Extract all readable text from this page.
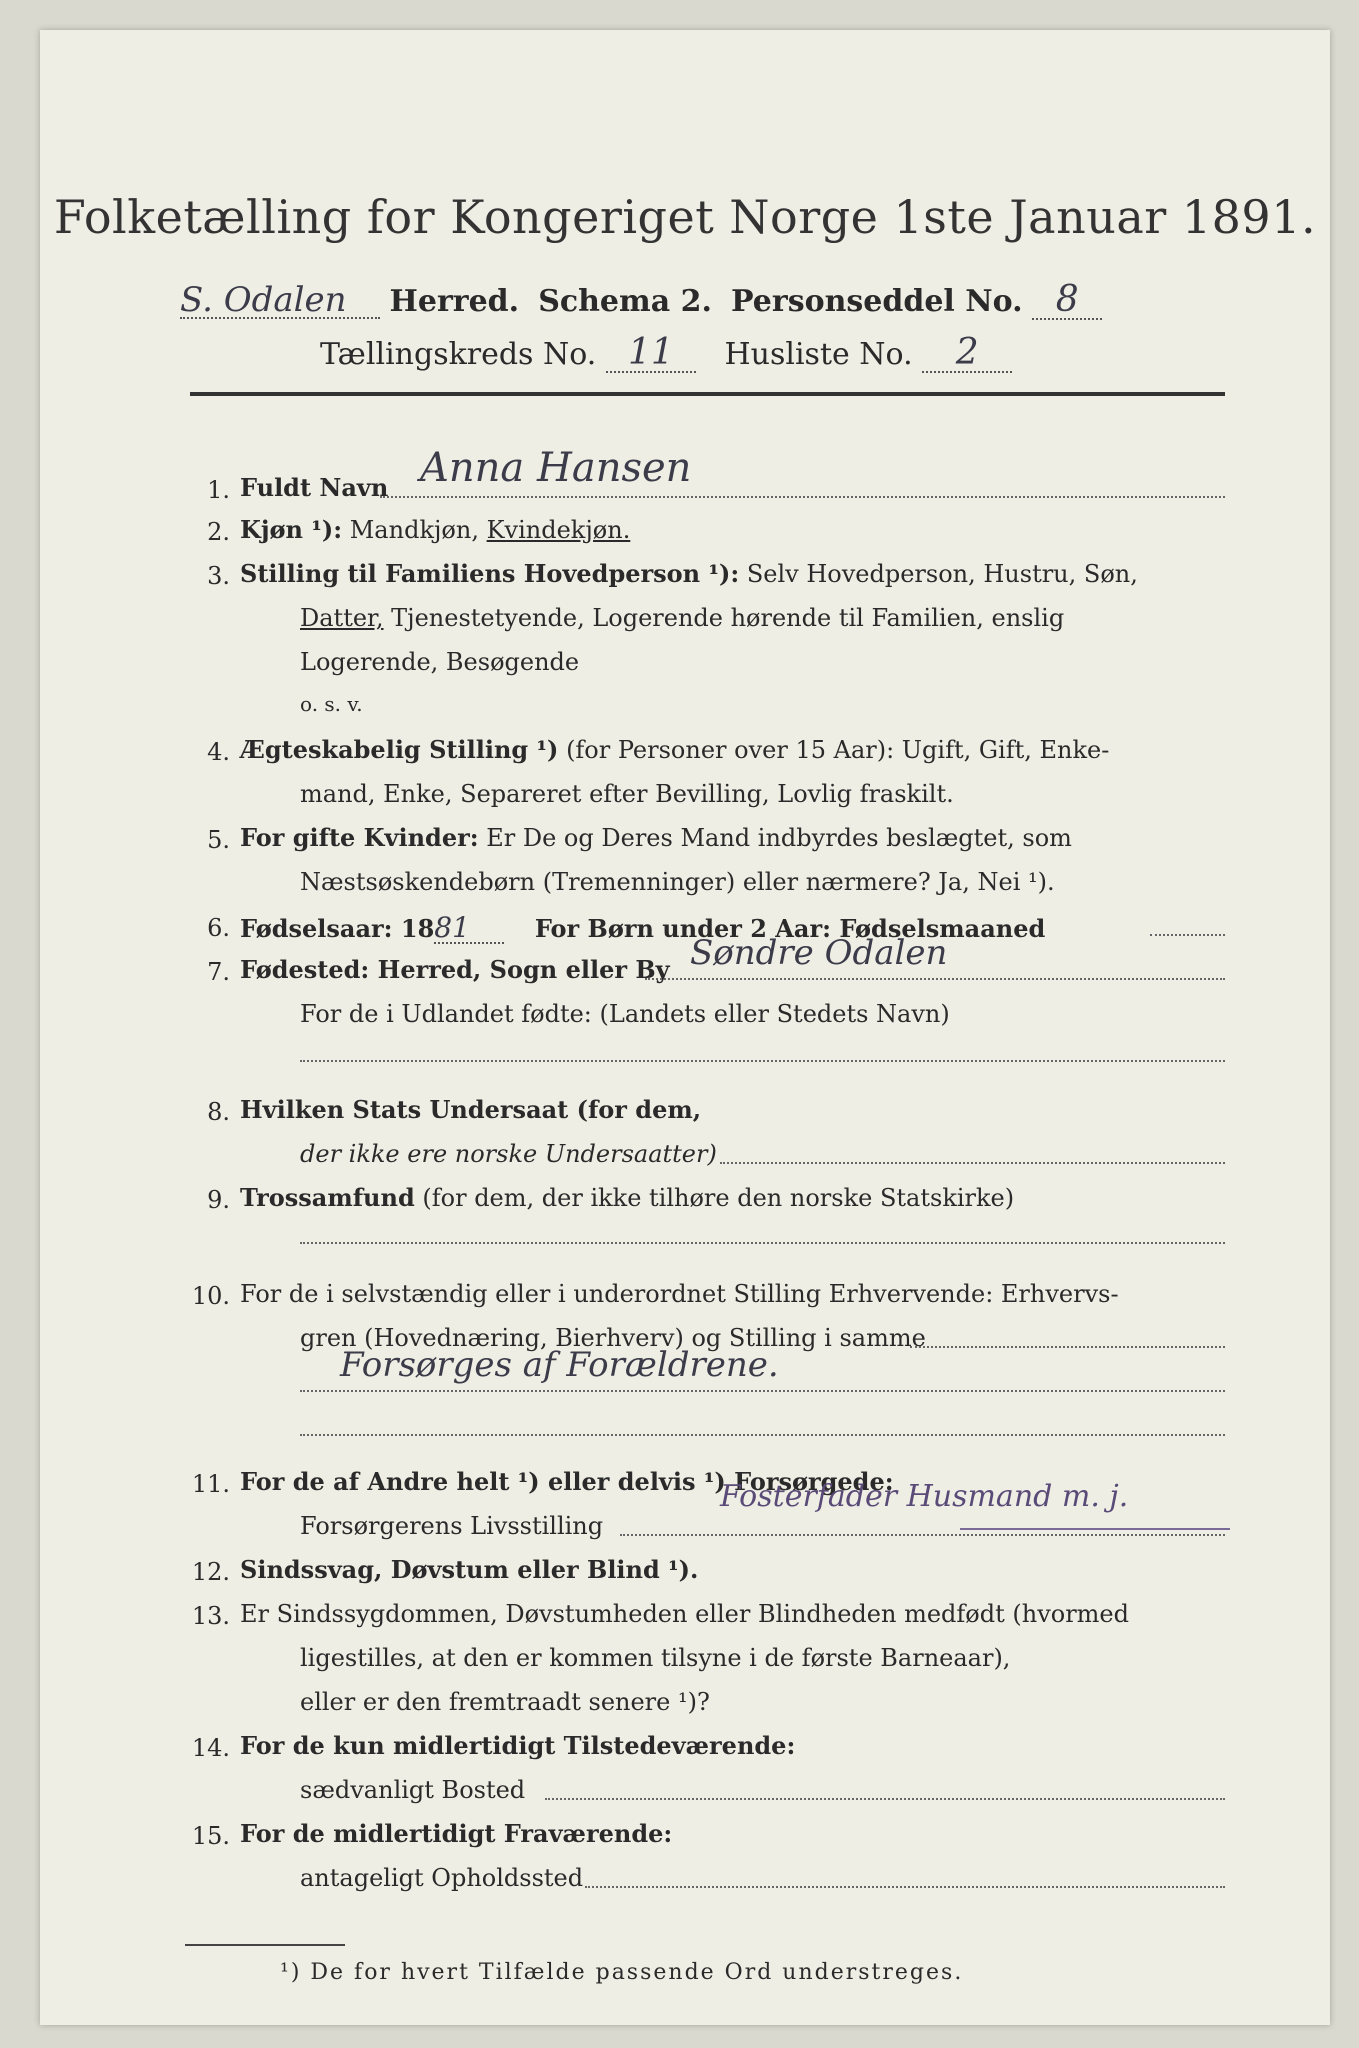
Folketælling for Kongeriget Norge 1ste Januar 1891.
S. Odalen Herred. Schema 2. Personseddel No. 8
Tællingskreds No. 11 Husliste No. 2
1. Fuldt Navn Anna Hansen
2. Kjøn ¹): Mandkjøn, Kvindekjøn.
3. Stilling til Familiens Hovedperson ¹): Selv Hovedperson, Hustru, Søn,
Datter, Tjenestetyende, Logerende hørende til Familien, enslig
Logerende, Besøgende
o. s. v.
4. Ægteskabelig Stilling ¹) (for Personer over 15 Aar): Ugift, Gift, Enke-
mand, Enke, Separeret efter Bevilling, Lovlig fraskilt.
5. For gifte Kvinder: Er De og Deres Mand indbyrdes beslægtet, som
Næstsøskendebørn (Tremenninger) eller nærmere? Ja, Nei ¹).
6. Fødselsaar: 1881	For Børn under 2 Aar: Fødselsmaaned
7. Fødested: Herred, Sogn eller By Søndre Odalen
For de i Udlandet fødte: (Landets eller Stedets Navn)
8. Hvilken Stats Undersaat (for dem,
der ikke ere norske Undersaatter)
9. Trossamfund (for dem, der ikke tilhøre den norske Statskirke)
10. For de i selvstændig eller i underordnet Stilling Erhvervende: Erhvervs-
gren (Hovednæring, Bierhverv) og Stilling i samme
Forsørges af Forældrene.
11. For de af Andre helt ¹) eller delvis ¹) Forsørgede:
Forsørgerens Livsstilling
Fosterfader Husmand m. j.
12. Sindssvag, Døvstum eller Blind ¹).
13. Er Sindssygdommen, Døvstumheden eller Blindheden medfødt (hvormed
ligestilles, at den er kommen tilsyne i de første Barneaar),
eller er den fremtraadt senere ¹)?
14. For de kun midlertidigt Tilstedeværende:
sædvanligt Bosted
15. For de midlertidigt Fraværende:
antageligt Opholdssted
¹) De for hvert Tilfælde passende Ord understreges.
